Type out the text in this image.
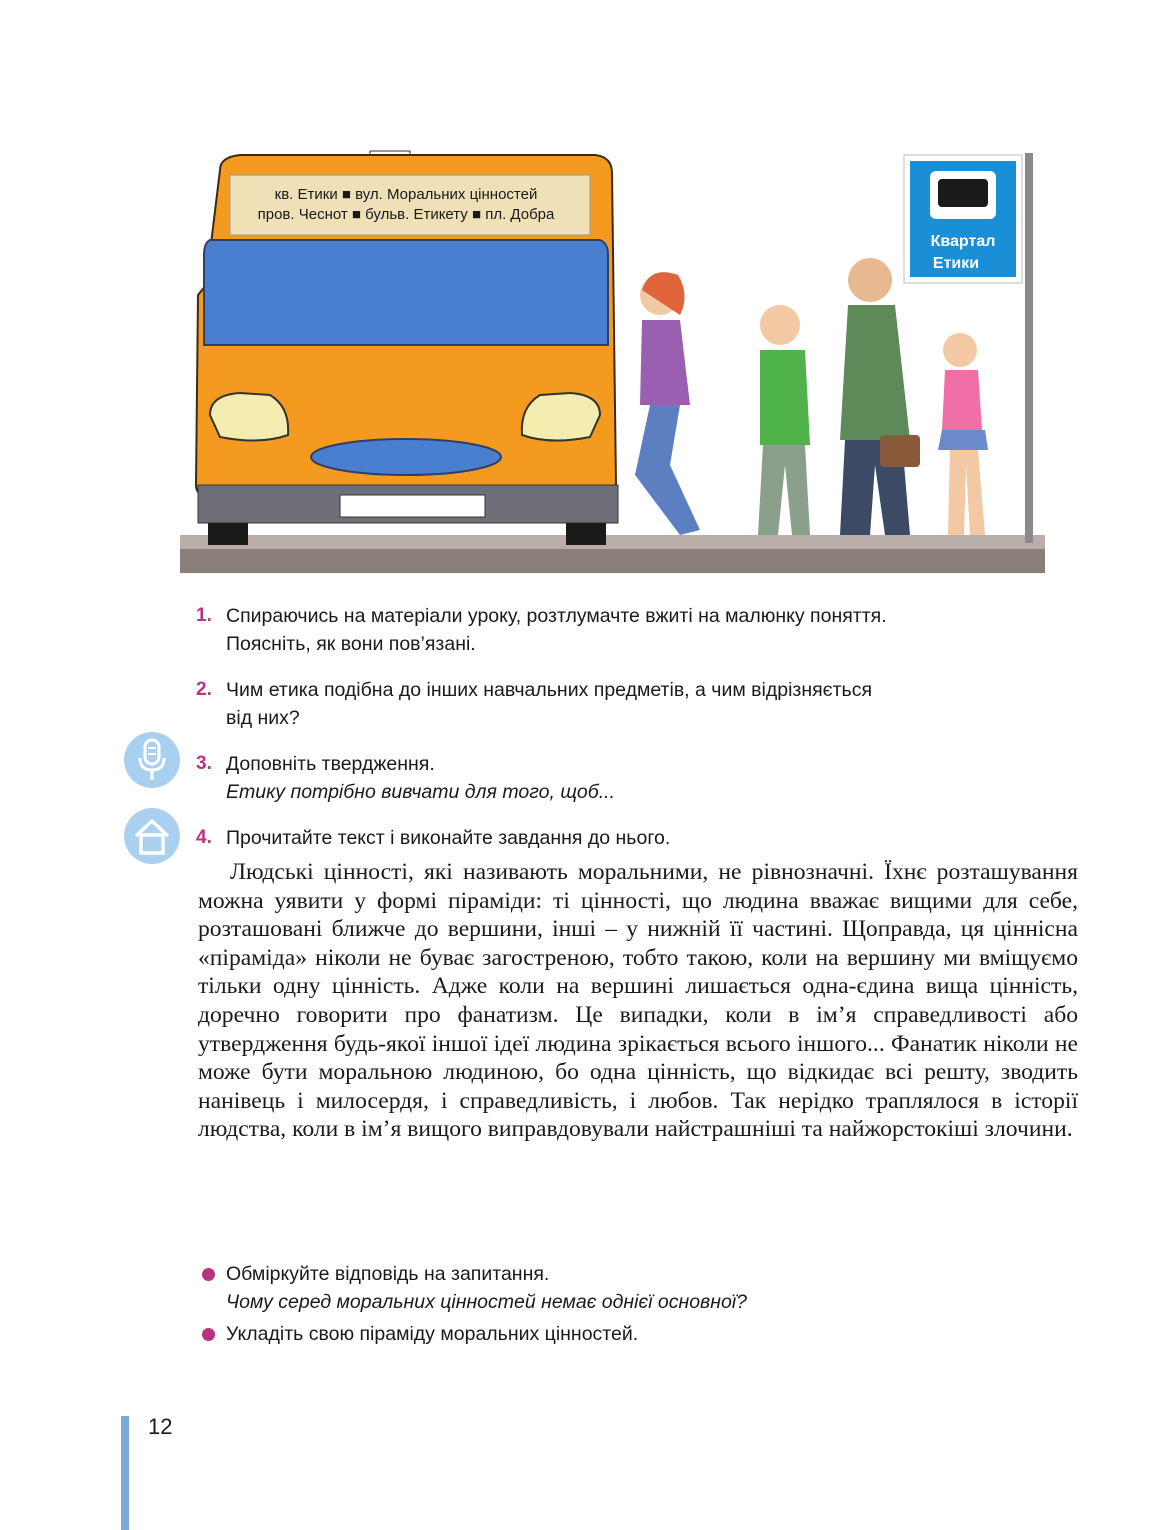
кв. Етики ■ вул. Моральних цінностей
пров. Чеснот ■ бульв. Етикету ■ пл. Добра
Квартал
Етики
1. Спираючись на матеріали уроку, розтлумачте вжиті на малюнку поняття.
Поясніть, як вони пов’язані.
2. Чим етика подібна до інших навчальних предметів, а чим відрізняється
від них?
3. Доповніть твердження.
Етику потрібно вивчати для того, щоб...
4. Прочитайте текст і виконайте завдання до нього.

Людські цінності, які називають моральними, не рівнозначні. Їхнє розташування можна уявити у формі піраміди: ті цінності, що людина вважає вищими для себе, розташовані ближче до вершини, інші – у нижній її частині. Щоправда, ця ціннісна «піраміда» ніколи не буває загостреною, тобто такою, коли на вершину ми вміщуємо тільки одну цінність. Адже коли на вершині лишається одна-єдина вища цінність, доречно говорити про фанатизм. Це випадки, коли в ім’я справедливості або утвердження будь-якої іншої ідеї людина зрікається всього іншого... Фанатик ніколи не може бути моральною людиною, бо одна цінність, що відкидає всі решту, зводить нанівець і милосердя, і справедливість, і любов. Так нерідко траплялося в історії людства, коли в ім’я вищого виправдовували найстрашніші та найжорстокіші злочини.

Обміркуйте відповідь на запитання.
Чому серед моральних цінностей немає однієї основної?
Укладіть свою піраміду моральних цінностей.
12
